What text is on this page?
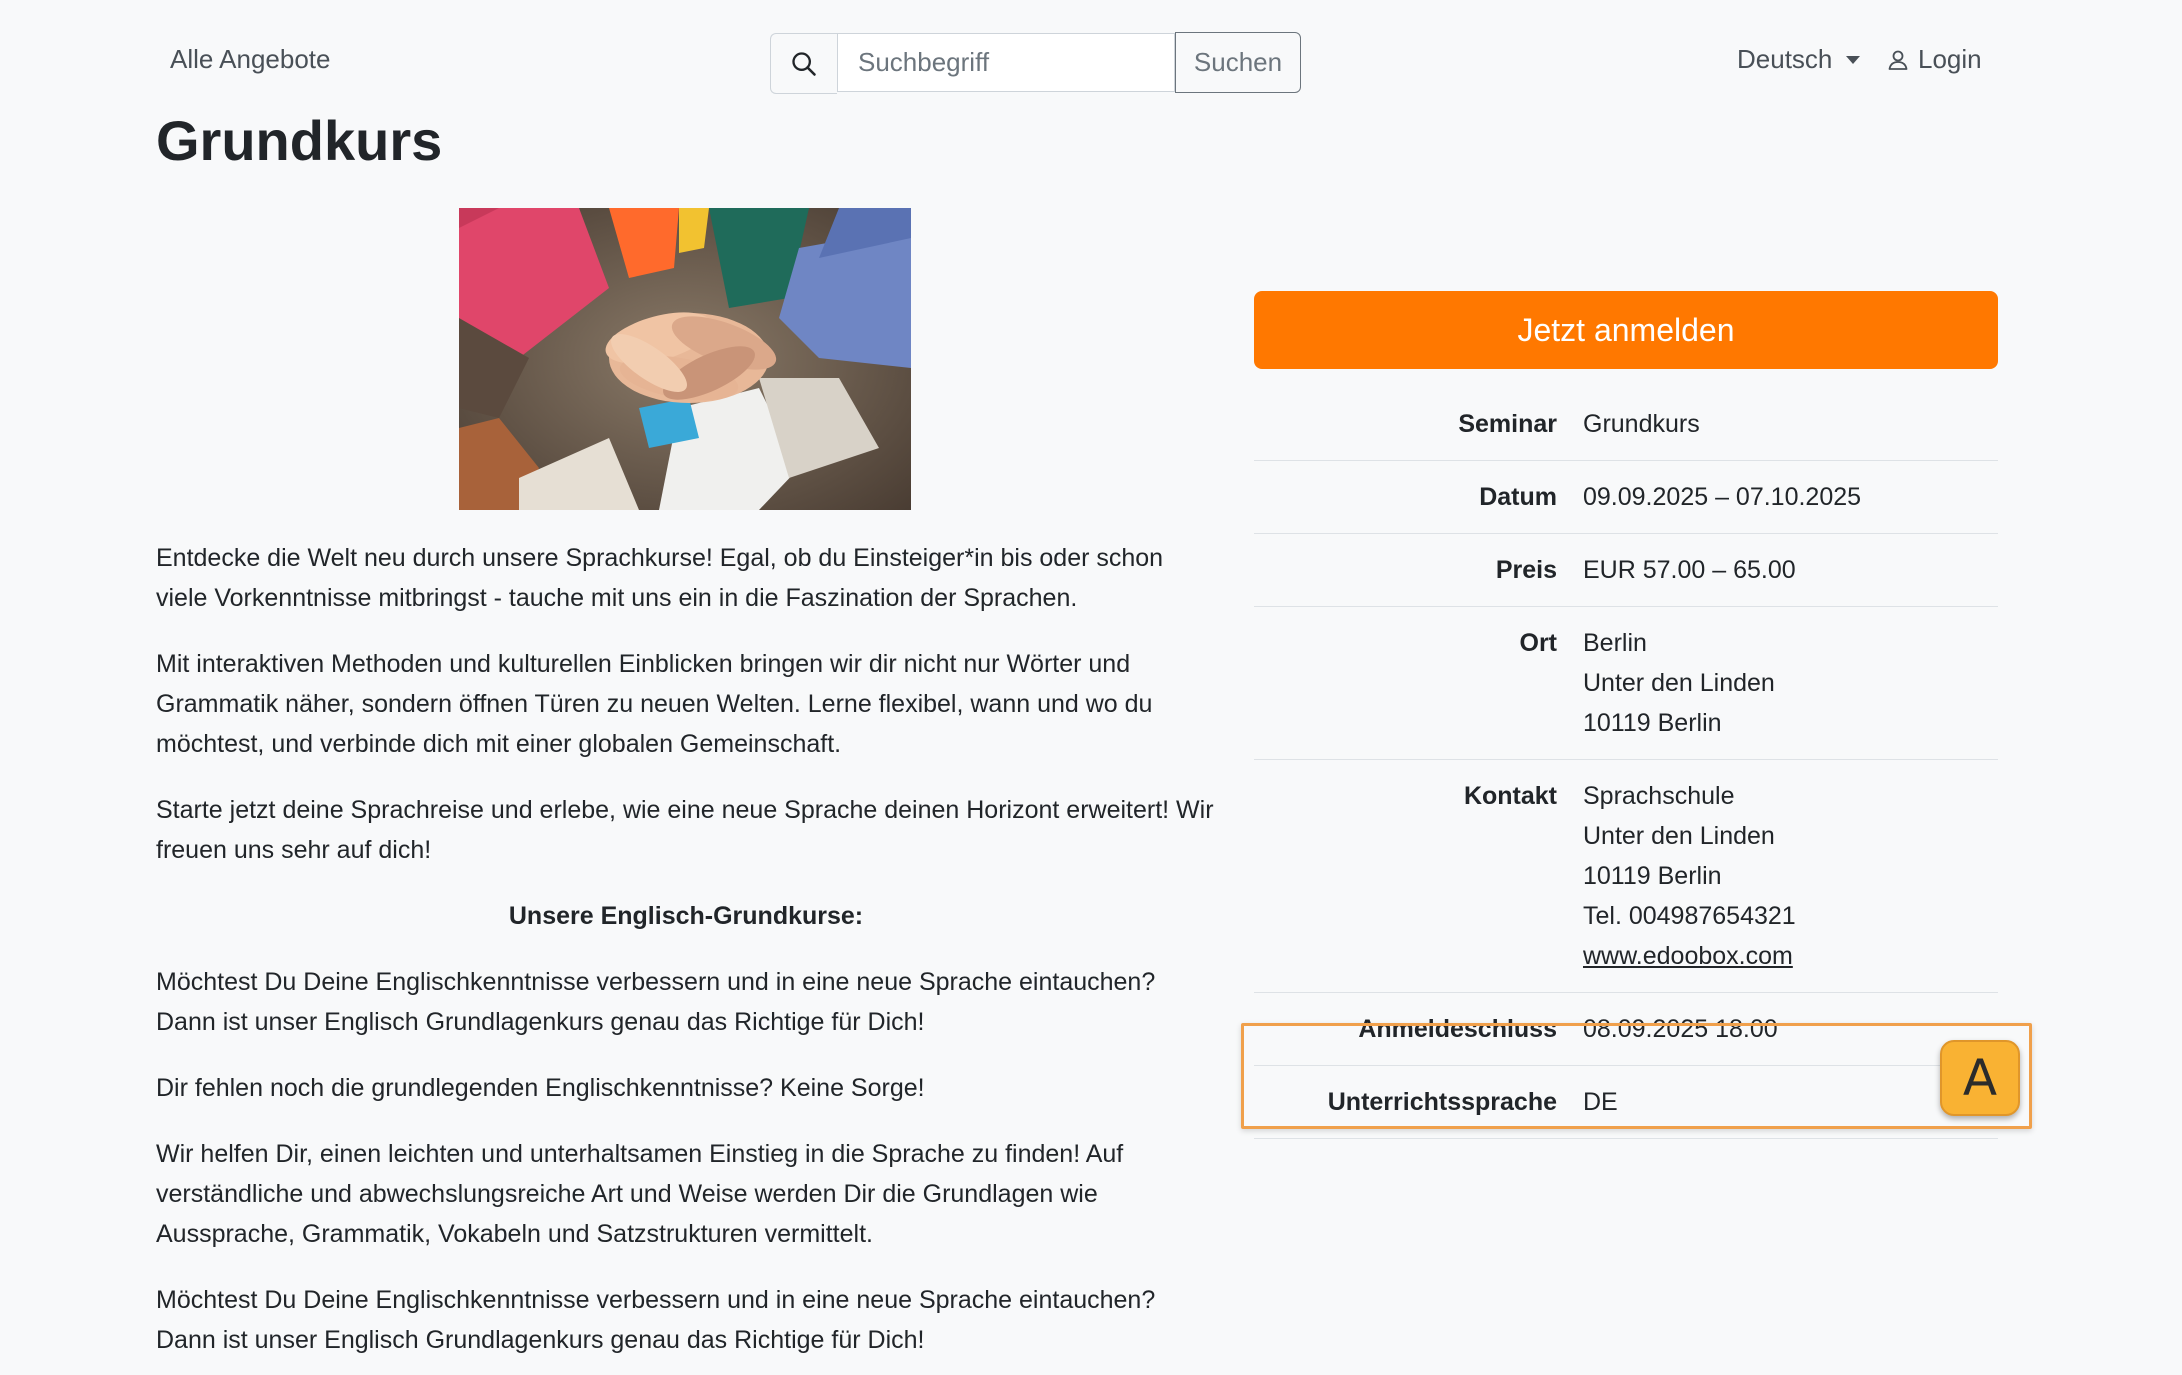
Alle Angebote
Suchbegriff	Suchen	Deutsch	Login
Grundkurs

Entdecke die Welt neu durch unsere Sprachkurse! Egal, ob du Einsteiger*in bis oder schon viele Vorkenntnisse mitbringst - tauche mit uns ein in die Faszination der Sprachen.

Mit interaktiven Methoden und kulturellen Einblicken bringen wir dir nicht nur Wörter und Grammatik näher, sondern öffnen Türen zu neuen Welten. Lerne flexibel, wann und wo du möchtest, und verbinde dich mit einer globalen Gemeinschaft.

Starte jetzt deine Sprachreise und erlebe, wie eine neue Sprache deinen Horizont erweitert! Wir freuen uns sehr auf dich!

Unsere Englisch-Grundkurse:

Möchtest Du Deine Englischkenntnisse verbessern und in eine neue Sprache eintauchen? Dann ist unser Englisch Grundlagenkurs genau das Richtige für Dich!

Dir fehlen noch die grundlegenden Englischkenntnisse? Keine Sorge!

Wir helfen Dir, einen leichten und unterhaltsamen Einstieg in die Sprache zu finden! Auf verständliche und abwechslungsreiche Art und Weise werden Dir die Grundlagen wie Aussprache, Grammatik, Vokabeln und Satzstrukturen vermittelt.

Möchtest Du Deine Englischkenntnisse verbessern und in eine neue Sprache eintauchen? Dann ist unser Englisch Grundlagenkurs genau das Richtige für Dich!

Jetzt anmelden
Seminar	Grundkurs
Datum	09.09.2025 – 07.10.2025
Preis	EUR 57.00 – 65.00
Ort	Berlin
Unter den Linden
10119 Berlin
Kontakt	Sprachschule
Unter den Linden
10119 Berlin
Tel. 004987654321
www.edoobox.com
Anmeldeschluss	08.09.2025 18:00
Unterrichtssprache	DE	A
